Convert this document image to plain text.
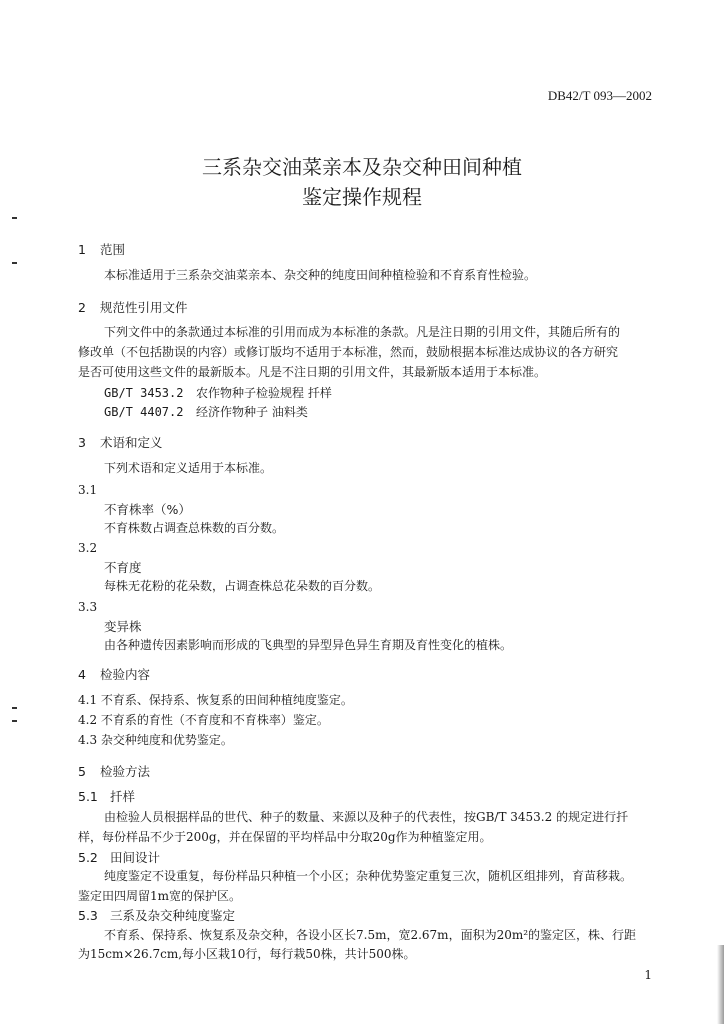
DB42/T 093—2002
三系杂交油菜亲本及杂交种田间种植
鉴定操作规程
1 范围
本标准适用于三系杂交油菜亲本、杂交种的纯度田间种植检验和不育系育性检验。
2 规范性引用文件
下列文件中的条款通过本标准的引用而成为本标准的条款。凡是注日期的引用文件，其随后所有的
修改单（不包括勘误的内容）或修订版均不适用于本标准，然而，鼓励根据本标准达成协议的各方研究
是否可使用这些文件的最新版本。凡是不注日期的引用文件，其最新版本适用于本标准。
GB/T 3453.2 农作物种子检验规程 扦样
GB/T 4407.2 经济作物种子 油料类
3 术语和定义
下列术语和定义适用于本标准。
3.1
不育株率（%）
不育株数占调查总株数的百分数。
3.2
不育度
每株无花粉的花朵数，占调查株总花朵数的百分数。
3.3
变异株
由各种遗传因素影响而形成的飞典型的异型异色异生育期及育性变化的植株。
4 检验内容
4.1 不育系、保持系、恢复系的田间种植纯度鉴定。
4.2 不育系的育性（不育度和不育株率）鉴定。
4.3 杂交种纯度和优势鉴定。
5 检验方法
5.1 扦样
由检验人员根据样品的世代、种子的数量、来源以及种子的代表性，按GB/T 3453.2 的规定进行扦
样，每份样品不少于200g，并在保留的平均样品中分取20g作为种植鉴定用。
5.2 田间设计
纯度鉴定不设重复，每份样品只种植一个小区；杂种优势鉴定重复三次，随机区组排列，育苗移栽。
鉴定田四周留1m宽的保护区。
5.3 三系及杂交种纯度鉴定
不育系、保持系、恢复系及杂交种，各设小区长7.5m，宽2.67m，面积为20m²的鉴定区，株、行距
为15cm×26.7cm,每小区栽10行，每行栽50株，共计500株。
1
